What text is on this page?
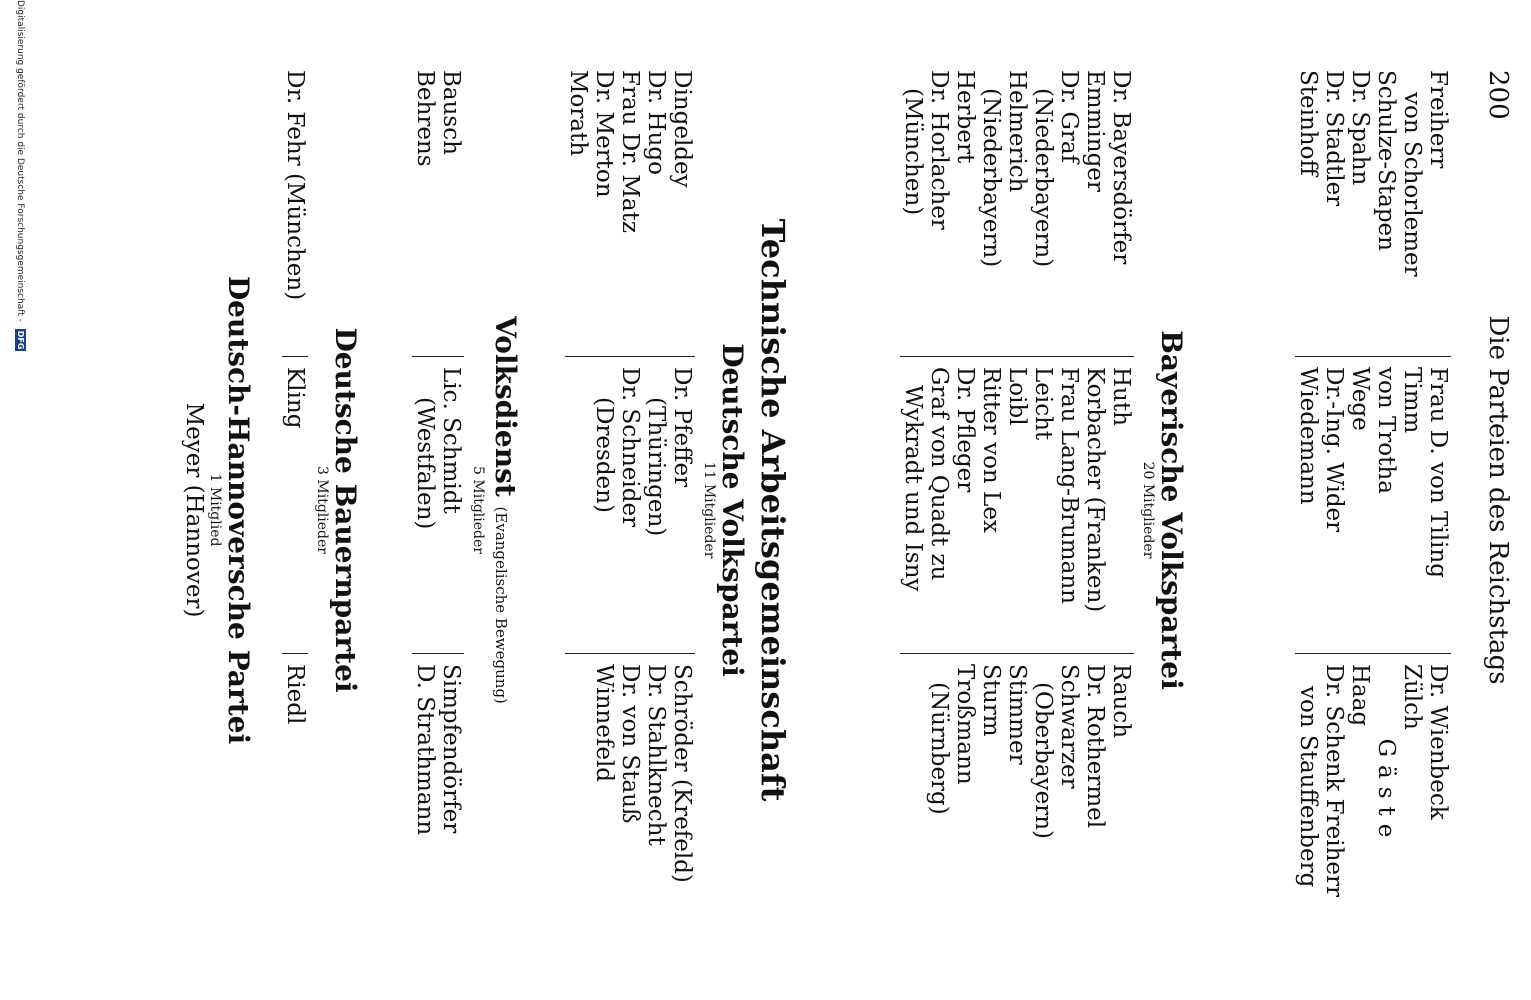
200
Die Parteien des Reichstags
Freiherr
von Schorlemer
Schulze-Stapen
Dr. Spahn
Dr. Stadtler
Steinhoff
Frau D. von Tiling
Timm
von Trotha
Wege
Dr.-Ing. Wider
Wiedemann
Dr. Wienbeck
Zülch
Gäste
Haag
Dr. Schenk Freiherr
von Stauffenberg
Bayerische Volkspartei
20 Mitglieder
Dr. Bayersdörfer
Emminger
Dr. Graf
(Niederbayern)
Helmerich
(Niederbayern)
Herbert
Dr. Horlacher
(München)
Huth
Korbacher (Franken)
Frau Lang-Brumann
Leicht
Loibl
Ritter von Lex
Dr. Pfleger
Graf von Quadt zu
Wykradt und Isny
Rauch
Dr. Rothermel
Schwarzer
(Oberbayern)
Stimmer
Sturm
Troßmann
(Nürnberg)
Technische Arbeitsgemeinschaft
Deutsche Volkspartei
11 Mitglieder
Dingeldey
Dr. Hugo
Frau Dr. Matz
Dr. Merton
Morath
Dr. Pfeffer
(Thüringen)
Dr. Schneider
(Dresden)
Schröder (Krefeld)
Dr. Stahlknecht
Dr. von Stauß
Winnefeld
Volksdienst (Evangelische Bewegung)
5 Mitglieder
Bausch
Behrens
Lic. Schmidt
(Westfalen)
Simpfendörfer
D. Strathmann
Deutsche Bauernpartei
3 Mitglieder
Dr. Fehr (München)
Kling
Riedl
Deutsch-Hannoversche Partei
1 Mitglied
Meyer (Hannover)
Digitalisierung gefördert durch die Deutsche Forschungsgemeinschaft - DFG
